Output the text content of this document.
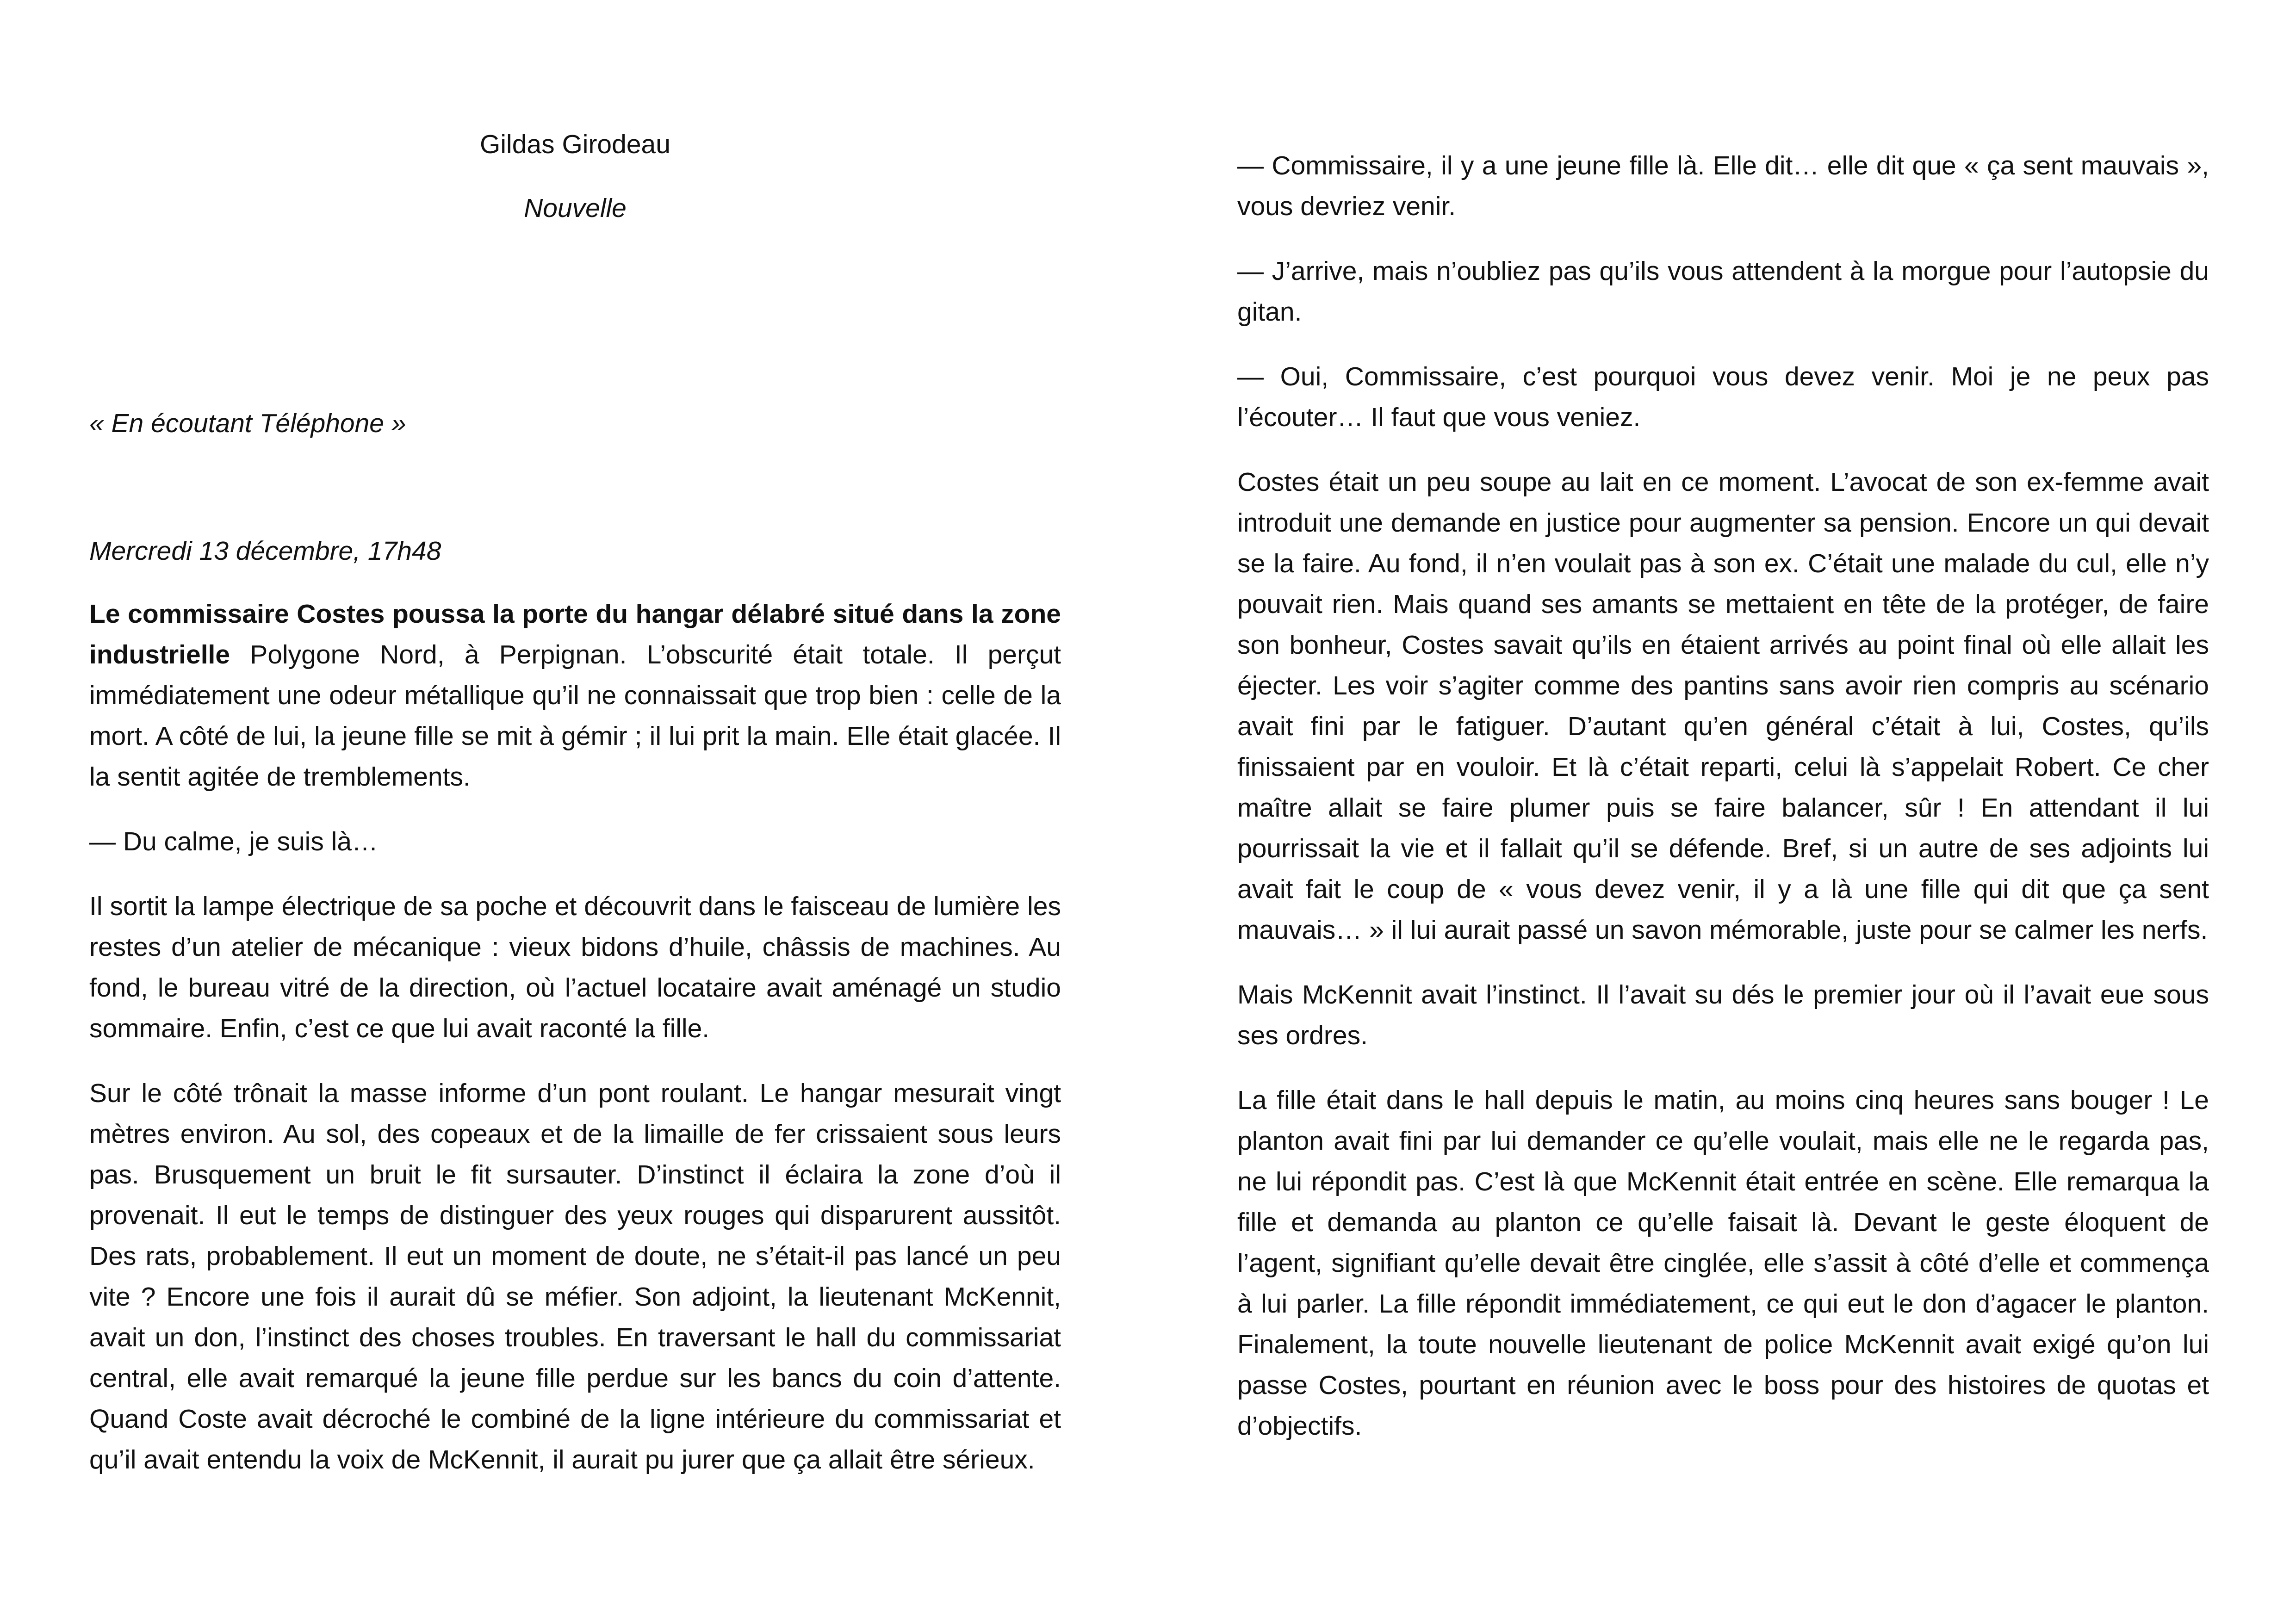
Gildas Girodeau
Nouvelle
« En écoutant Téléphone »
Mercredi 13 décembre, 17h48

Le commissaire Costes poussa la porte du hangar délabré situé dans la zone industrielle Polygone Nord, à Perpignan. L’obscurité était totale. Il perçut immédiatement une odeur métallique qu’il ne connaissait que trop bien : celle de la mort. A côté de lui, la jeune fille se mit à gémir ; il lui prit la main. Elle était glacée. Il la sentit agitée de tremblements.

— Du calme, je suis là…

Il sortit la lampe électrique de sa poche et découvrit dans le faisceau de lumière les restes d’un atelier de mécanique : vieux bidons d’huile, châssis de machines. Au fond, le bureau vitré de la direction, où l’actuel locataire avait aménagé un studio sommaire. Enfin, c’est ce que lui avait raconté la fille.

Sur le côté trônait la masse informe d’un pont roulant. Le hangar mesurait vingt mètres environ. Au sol, des copeaux et de la limaille de fer crissaient sous leurs pas. Brusquement un bruit le fit sursauter. D’instinct il éclaira la zone d’où il provenait. Il eut le temps de distinguer des yeux rouges qui disparurent aussitôt. Des rats, probablement. Il eut un moment de doute, ne s’était-il pas lancé un peu vite ? Encore une fois il aurait dû se méfier. Son adjoint, la lieutenant McKennit, avait un don, l’instinct des choses troubles. En traversant le hall du commissariat central, elle avait remarqué la jeune fille perdue sur les bancs du coin d’attente. Quand Coste avait décroché le combiné de la ligne intérieure du commissariat et qu’il avait entendu la voix de McKennit, il aurait pu jurer que ça allait être sérieux.

— Commissaire, il y a une jeune fille là. Elle dit… elle dit que « ça sent mauvais », vous devriez venir.

— J’arrive, mais n’oubliez pas qu’ils vous attendent à la morgue pour l’autopsie du gitan.

— Oui, Commissaire, c’est pourquoi vous devez venir. Moi je ne peux pas l’écouter… Il faut que vous veniez.

Costes était un peu soupe au lait en ce moment. L’avocat de son ex-femme avait introduit une demande en justice pour augmenter sa pension. Encore un qui devait se la faire. Au fond, il n’en voulait pas à son ex. C’était une malade du cul, elle n’y pouvait rien. Mais quand ses amants se mettaient en tête de la protéger, de faire son bonheur, Costes savait qu’ils en étaient arrivés au point final où elle allait les éjecter. Les voir s’agiter comme des pantins sans avoir rien compris au scénario avait fini par le fatiguer. D’autant qu’en général c’était à lui, Costes, qu’ils finissaient par en vouloir. Et là c’était reparti, celui là s’appelait Robert. Ce cher maître allait se faire plumer puis se faire balancer, sûr ! En attendant il lui pourrissait la vie et il fallait qu’il se défende. Bref, si un autre de ses adjoints lui avait fait le coup de « vous devez venir, il y a là une fille qui dit que ça sent mauvais… » il lui aurait passé un savon mémorable, juste pour se calmer les nerfs.

Mais McKennit avait l’instinct. Il l’avait su dés le premier jour où il l’avait eue sous ses ordres.

La fille était dans le hall depuis le matin, au moins cinq heures sans bouger ! Le planton avait fini par lui demander ce qu’elle voulait, mais elle ne le regarda pas, ne lui répondit pas. C’est là que McKennit était entrée en scène. Elle remarqua la fille et demanda au planton ce qu’elle faisait là. Devant le geste éloquent de l’agent, signifiant qu’elle devait être cinglée, elle s’assit à côté d’elle et commença à lui parler. La fille répondit immédiatement, ce qui eut le don d’agacer le planton. Finalement, la toute nouvelle lieutenant de police McKennit avait exigé qu’on lui passe Costes, pourtant en réunion avec le boss pour des histoires de quotas et d’objectifs.
